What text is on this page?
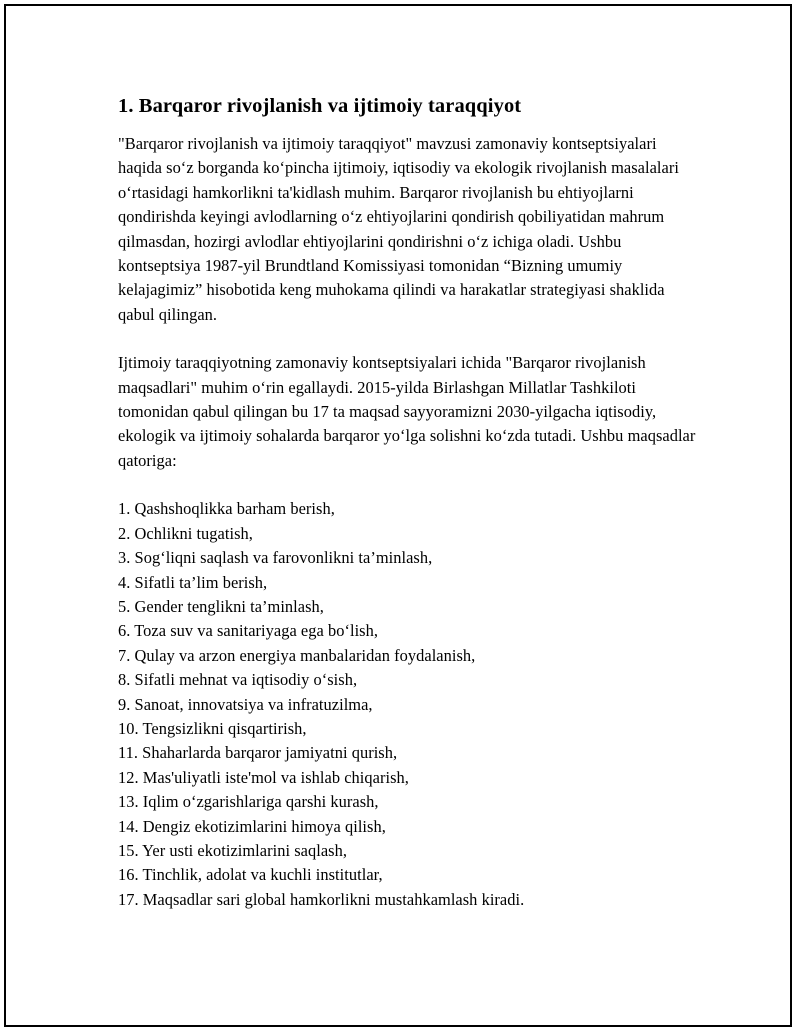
1. Barqaror rivojlanish va ijtimoiy taraqqiyot

"Barqaror rivojlanish va ijtimoiy taraqqiyot" mavzusi zamonaviy kontseptsiyalari haqida so‘z borganda ko‘pincha ijtimoiy, iqtisodiy va ekologik rivojlanish masalalari o‘rtasidagi hamkorlikni ta'kidlash muhim. Barqaror rivojlanish bu ehtiyojlarni qondirishda keyingi avlodlarning o‘z ehtiyojlarini qondirish qobiliyatidan mahrum qilmasdan, hozirgi avlodlar ehtiyojlarini qondirishni o‘z ichiga oladi. Ushbu kontseptsiya 1987-yil Brundtland Komissiyasi tomonidan “Bizning umumiy kelajagimiz” hisobotida keng muhokama qilindi va harakatlar strategiyasi shaklida qabul qilingan.

Ijtimoiy taraqqiyotning zamonaviy kontseptsiyalari ichida "Barqaror rivojlanish maqsadlari" muhim o‘rin egallaydi. 2015-yilda Birlashgan Millatlar Tashkiloti tomonidan qabul qilingan bu 17 ta maqsad sayyoramizni 2030-yilgacha iqtisodiy, ekologik va ijtimoiy sohalarda barqaror yo‘lga solishni ko‘zda tutadi. Ushbu maqsadlar qatoriga:

1. Qashshoqlikka barham berish,
2. Ochlikni tugatish,
3. Sog‘liqni saqlash va farovonlikni ta’minlash,
4. Sifatli ta’lim berish,
5. Gender tenglikni ta’minlash,
6. Toza suv va sanitariyaga ega bo‘lish,
7. Qulay va arzon energiya manbalaridan foydalanish,
8. Sifatli mehnat va iqtisodiy o‘sish,
9. Sanoat, innovatsiya va infratuzilma,
10. Tengsizlikni qisqartirish,
11. Shaharlarda barqaror jamiyatni qurish,
12. Mas'uliyatli iste'mol va ishlab chiqarish,
13. Iqlim o‘zgarishlariga qarshi kurash,
14. Dengiz ekotizimlarini himoya qilish,
15. Yer usti ekotizimlarini saqlash,
16. Tinchlik, adolat va kuchli institutlar,
17. Maqsadlar sari global hamkorlikni mustahkamlash kiradi.
